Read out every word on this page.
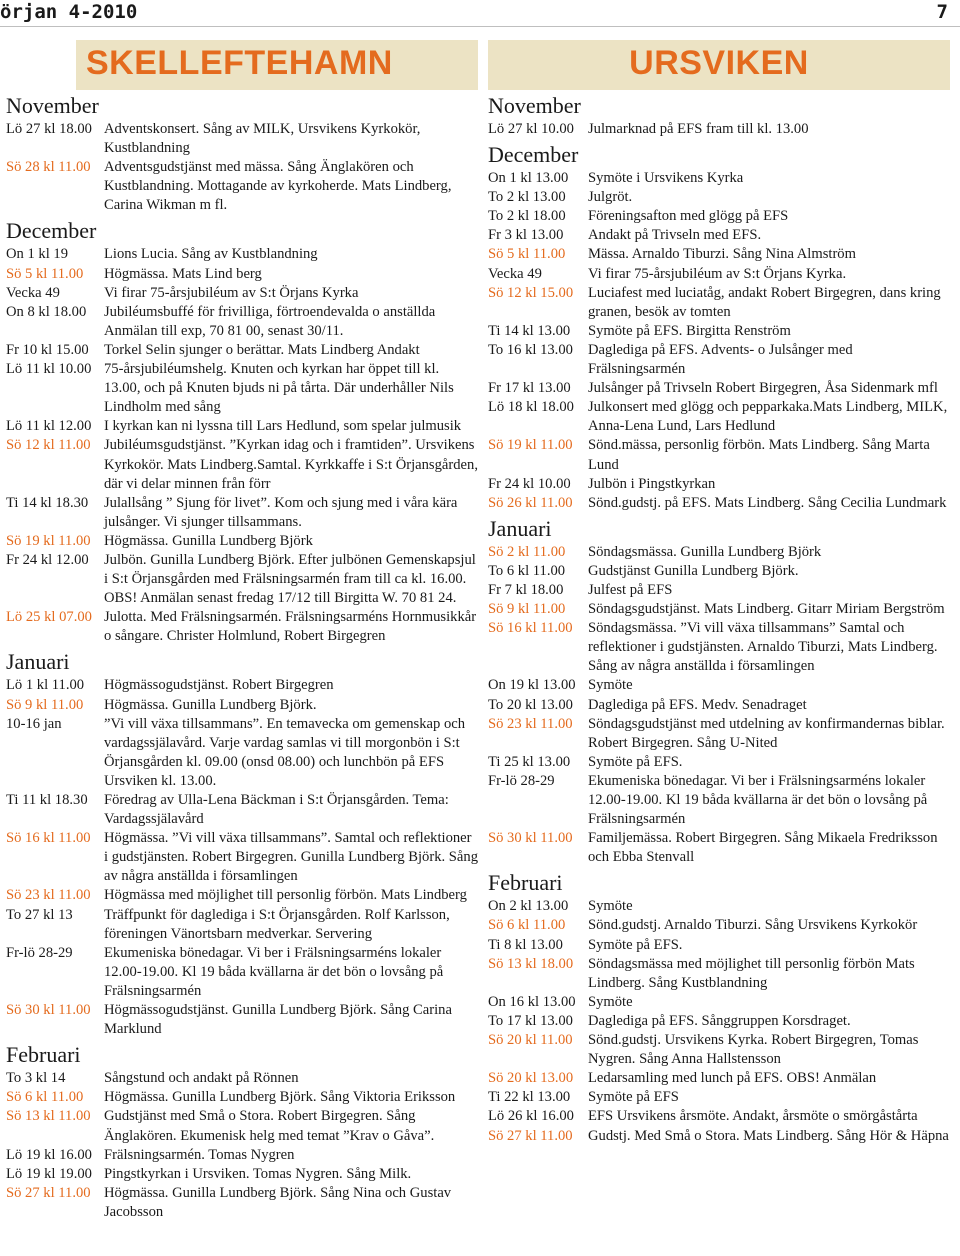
örjan 4-2010	7
SKELLEFTEHAMN
November
Lö 27 kl 18.00 Adventskonsert. Sång av MILK, Ursvikens Kyrkokör, Kustblandning
Sö 28 kl 11.00 Adventsgudstjänst med mässa. Sång Änglakören och Kustblandning. Mottagande av kyrkoherde. Mats Lindberg, Carina Wikman m fl.
December
On 1 kl 19	Lions Lucia. Sång av Kustblandning
Sö 5 kl 11.00	Högmässa. Mats Lind berg
Vecka 49	Vi firar 75-årsjubiléum av S:t Örjans Kyrka
On 8 kl 18.00	Jubiléumsbuffé för frivilliga, förtroendevalda o anställda Anmälan till exp, 70 81 00, senast 30/11.
Fr 10 kl 15.00	Torkel Selin sjunger o berättar. Mats Lindberg Andakt
Lö 11 kl 10.00 75-årsjubiléumshelg. Knuten och kyrkan har öppet till kl. 13.00, och på Knuten bjuds ni på tårta. Där underhåller Nils Lindholm med sång
Lö 11 kl 12.00 I kyrkan kan ni lyssna till Lars Hedlund, som spelar julmusik
Sö 12 kl 11.00 Jubiléumsgudstjänst. ”Kyrkan idag och i framtiden”. Ursvikens Kyrkokör. Mats Lindberg.Samtal. Kyrkkaffe i S:t Örjansgården, där vi delar minnen från förr
Ti 14 kl 18.30	Julallsång ” Sjung för livet”. Kom och sjung med i våra kära julsånger. Vi sjunger tillsammans.
Sö 19 kl 11.00 Högmässa. Gunilla Lundberg Björk
Fr 24 kl 12.00	Julbön. Gunilla Lundberg Björk. Efter julbönen Gemenskapsjul i S:t Örjansgården med Frälsningsarmén fram till ca kl. 16.00. OBS! Anmälan senast fredag 17/12 till Birgitta W. 70 81 24.
Lö 25 kl 07.00 Julotta. Med Frälsningsarmén. Frälsningsarméns Hornmusikkår o sångare. Christer Holmlund, Robert Birgegren
Januari
Lö 1 kl 11.00	Högmässogudstjänst. Robert Birgegren
Sö 9 kl 11.00	Högmässa. Gunilla Lundberg Björk.
10-16 jan	”Vi vill växa tillsammans”. En temavecka om gemenskap och vardagssjälavård. Varje vardag samlas vi till morgonbön i S:t Örjansgården kl. 09.00 (onsd 08.00) och lunchbön på EFS Ursviken kl. 13.00.
Ti 11 kl 18.30	Föredrag av Ulla-Lena Bäckman i S:t Örjansgården. Tema: Vardagssjälavård
Sö 16 kl 11.00 Högmässa. ”Vi vill växa tillsammans”. Samtal och reflektioner i gudstjänsten. Robert Birgegren. Gunilla Lundberg Björk. Sång av några anställda i församlingen
Sö 23 kl 11.00 Högmässa med möjlighet till personlig förbön. Mats Lindberg
To 27 kl 13	Träffpunkt för dagledigа i S:t Örjansgården. Rolf Karlsson, föreningen Vänortsbarn medverkar. Servering
Fr-lö 28-29	Ekumeniska bönedagar. Vi ber i Frälsningsarméns lokaler 12.00-19.00. Kl 19 båda kvällarna är det bön o lovsång på Frälsningsarmén
Sö 30 kl 11.00 Högmässogudstjänst. Gunilla Lundberg Björk. Sång Carina Marklund
Februari
To 3 kl 14	Sångstund och andakt på Rönnen
Sö 6 kl 11.00	Högmässa. Gunilla Lundberg Björk. Sång Viktoria Eriksson
Sö 13 kl 11.00 Gudstjänst med Små o Stora. Robert Birgegren. Sång Änglakören. Ekumenisk helg med temat ”Krav o Gåva”.
Lö 19 kl 16.00 Frälsningsarmén. Tomas Nygren
Lö 19 kl 19.00 Pingstkyrkan i Ursviken. Tomas Nygren. Sång Milk.
Sö 27 kl 11.00 Högmässa. Gunilla Lundberg Björk. Sång Nina och Gustav Jacobsson
URSVIKEN
November
Lö 27 kl 10.00 Julmarknad på EFS fram till kl. 13.00
December
On 1 kl 13.00	Symöte i Ursvikens Kyrka
To 2 kl 13.00	Julgröt.
To 2 kl 18.00	Föreningsafton med glögg på EFS
Fr 3 kl 13.00	Andakt på Trivseln med EFS.
Sö 5 kl 11.00	Mässa. Arnaldo Tiburzi. Sång Nina Almström
Vecka 49	Vi firar 75-årsjubiléum av S:t Örjans Kyrka.
Sö 12 kl 15.00	Luciafest med luciatåg, andakt Robert Birgegren, dans kring granen, besök av tomten
Ti 14 kl 13.00	Symöte på EFS. Birgitta Renström
To 16 kl 13.00	Dagledigа på EFS. Advents- o Julsånger med Frälsningsarmén
Fr 17 kl 13.00	Julsånger på Trivseln Robert Birgegren, Åsa Sidenmark mfl
Lö 18 kl 18.00 Julkonsert med glögg och pepparkaka.Mats Lindberg, MILK, Anna-Lena Lund, Lars Hedlund
Sö 19 kl 11.00	Sönd.mässa, personlig förbön. Mats Lindberg. Sång Marta Lund
Fr 24 kl 10.00	Julbön i Pingstkyrkan
Sö 26 kl 11.00	Sönd.gudstj. på EFS. Mats Lindberg. Sång Cecilia Lundmark
Januari
Sö 2 kl 11.00	Söndagsmässa. Gunilla Lundberg Björk
To 6 kl 11.00	Gudstjänst Gunilla Lundberg Björk.
Fr 7 kl 18.00	Julfest på EFS
Sö 9 kl 11.00	Söndagsgudstjänst. Mats Lindberg. Gitarr Miriam Bergström
Sö 16 kl 11.00	Söndagsmässa. ”Vi vill växa tillsammans” Samtal och reflektioner i gudstjänsten. Arnaldo Tiburzi, Mats Lindberg. Sång av några anställda i församlingen
On 19 kl 13.00 Symöte
To 20 kl 13.00	Dagledigа på EFS. Medv. Senadraget
Sö 23 kl 11.00	Söndagsgudstjänst med utdelning av konfirmandernas biblar. Robert Birgegren. Sång U-Nited
Ti 25 kl 13.00	Symöte på EFS.
Fr-lö 28-29	Ekumeniska bönedagar. Vi ber i Frälsningsarméns lokaler 12.00-19.00. Kl 19 båda kvällarna är det bön o lovsång på Frälsningsarmén
Sö 30 kl 11.00	Familjemässa. Robert Birgegren. Sång Mikaela Fredriksson och Ebba Stenvall
Februari
On 2 kl 13.00	Symöte
Sö 6 kl 11.00	Sönd.gudstj. Arnaldo Tiburzi. Sång Ursvikens Kyrkokör
Ti 8 kl 13.00	Symöte på EFS.
Sö 13 kl 18.00	Söndagsmässa med möjlighet till personlig förbön Mats Lindberg. Sång Kustblandning
On 16 kl 13.00 Symöte
To 17 kl 13.00	Dagledigа på EFS. Sånggruppen Korsdraget.
Sö 20 kl 11.00	Sönd.gudstj. Ursvikens Kyrka. Robert Birgegren, Tomas Nygren. Sång Anna Hallstensson
Sö 20 kl 13.00	Ledarsamling med lunch på EFS. OBS! Anmälan
Ti 22 kl 13.00	Symöte på EFS
Lö 26 kl 16.00 EFS Ursvikens årsmöte. Andakt, årsmöte o smörgåstårta
Sö 27 kl 11.00	Gudstj. Med Små o Stora. Mats Lindberg. Sång Hör & Häpna
